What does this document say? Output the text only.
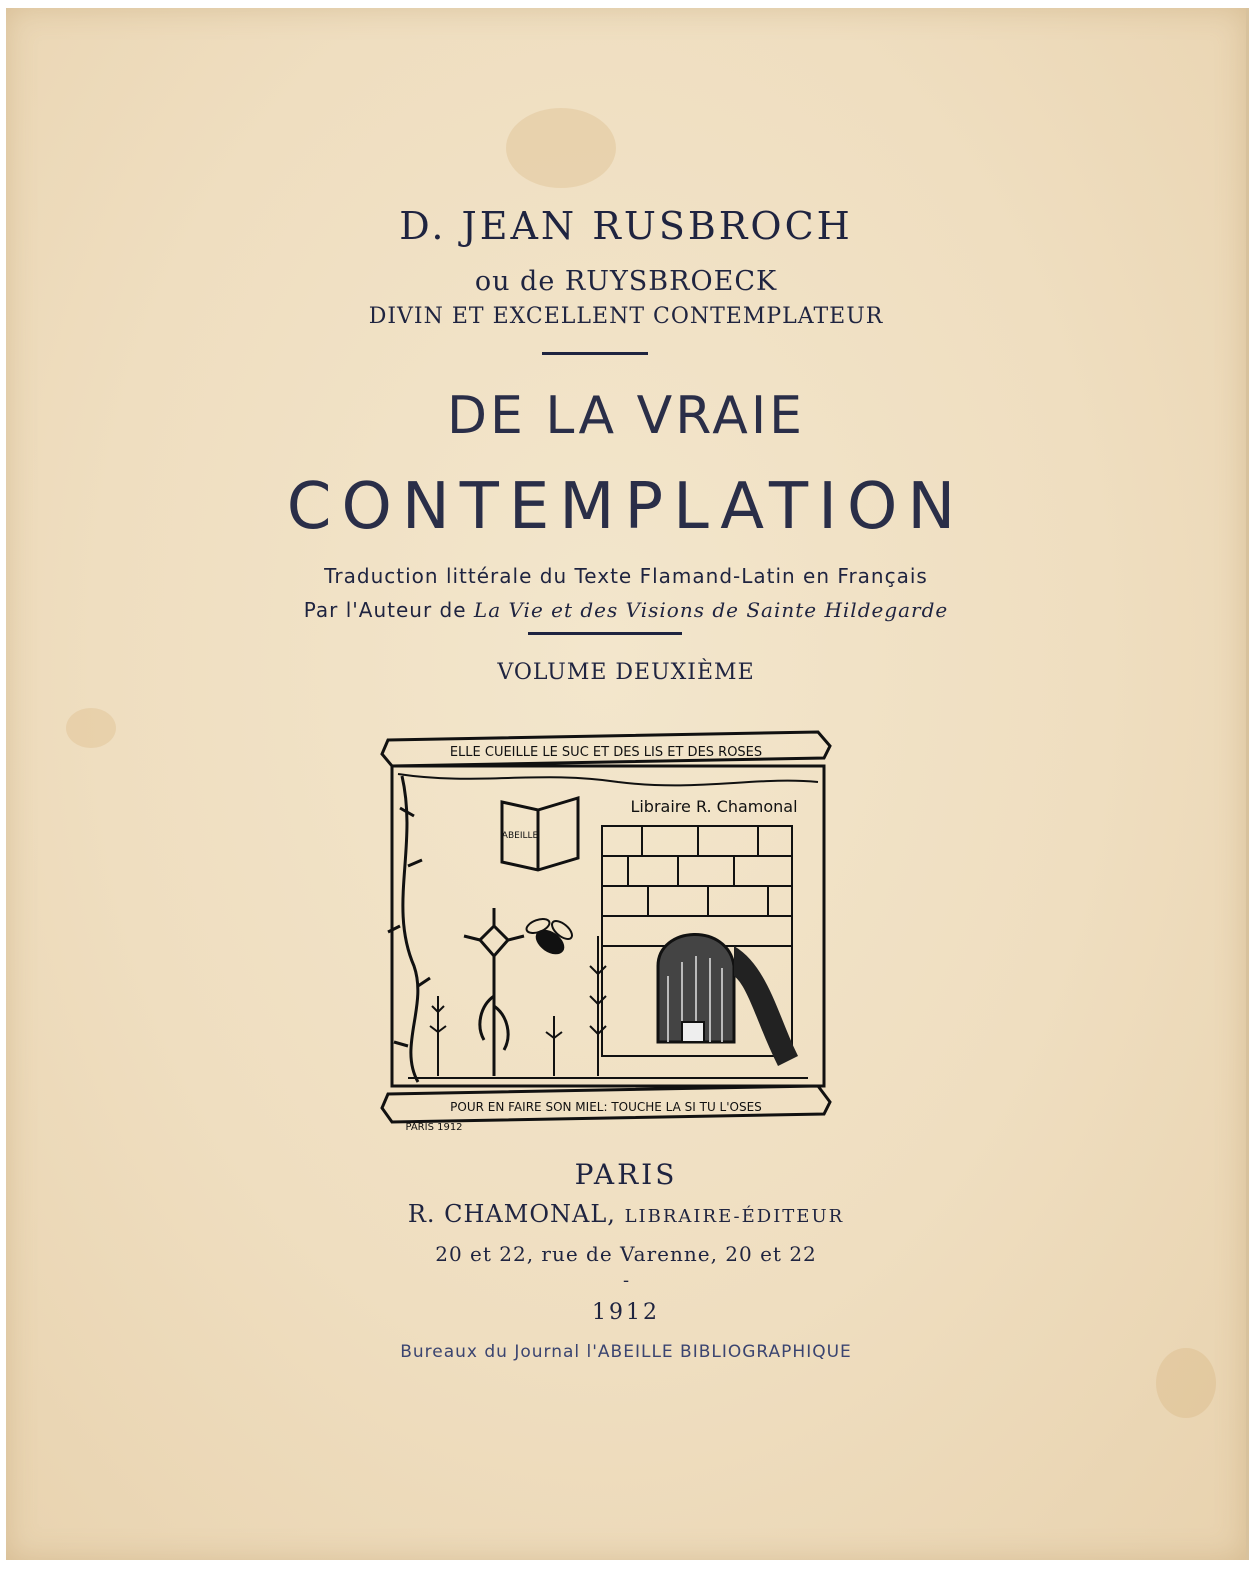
D. JEAN RUSBROCH
ou de RUYSBROECK
DIVIN ET EXCELLENT CONTEMPLATEUR
DE LA VRAIE
CONTEMPLATION
Traduction littérale du Texte Flamand-Latin en Français
Par l'Auteur de La Vie et des Visions de Sainte Hildegarde
VOLUME DEUXIÈME
ELLE CUEILLE LE SUC ET DES LIS ET DES ROSES
ABEILLE
Libraire R. Chamonal
POUR EN FAIRE SON MIEL: TOUCHE LA SI TU L'OSES
PARIS 1912
PARIS
R. CHAMONAL, LIBRAIRE-ÉDITEUR
20 et 22, rue de Varenne, 20 et 22
-
1912
Bureaux du Journal l'ABEILLE BIBLIOGRAPHIQUE
